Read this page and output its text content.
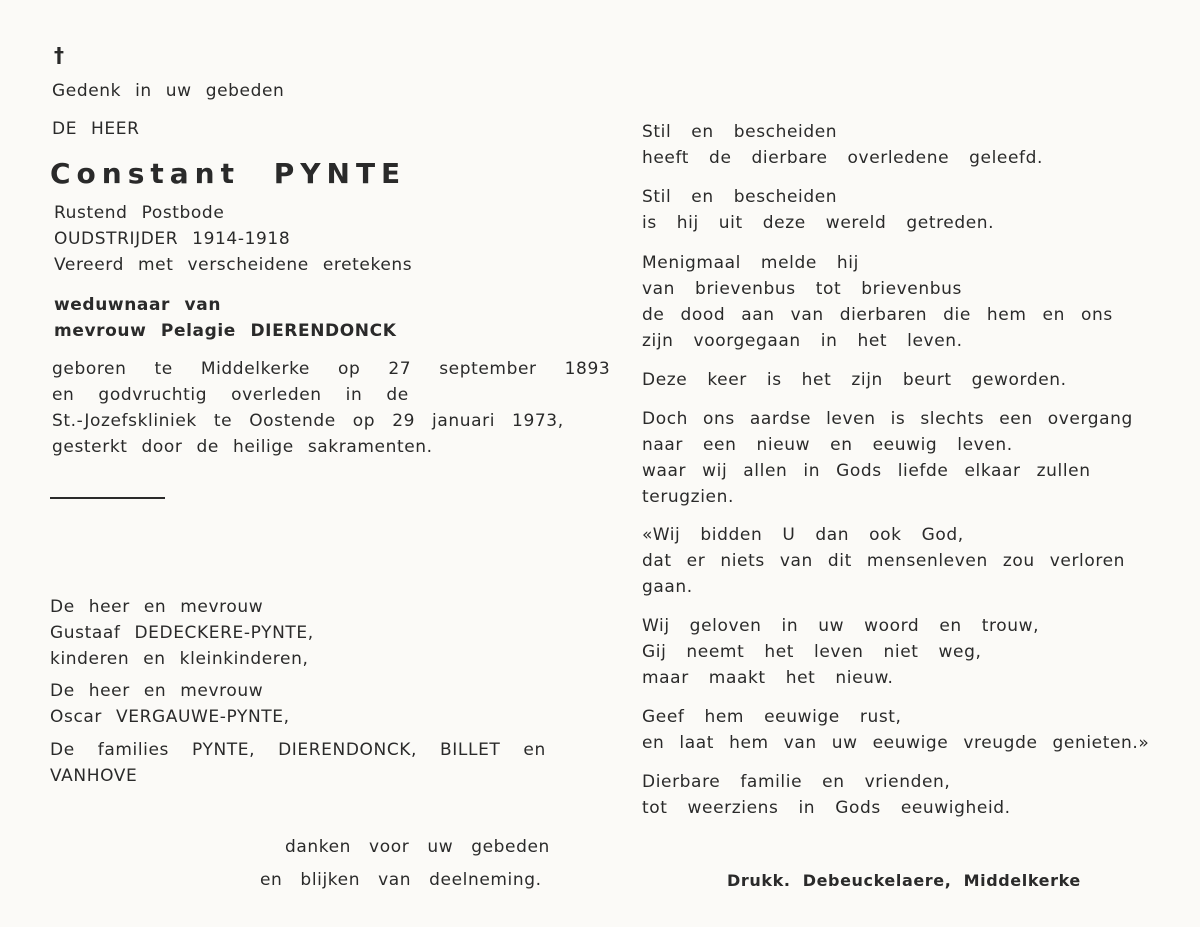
†
Gedenk in uw gebeden
DE HEER
Constant PYNTE
Rustend Postbode
OUDSTRIJDER 1914-1918
Vereerd met verscheidene eretekens
weduwnaar van
mevrouw Pelagie DIERENDONCK
geboren te Middelkerke op 27 september 1893
en godvruchtig overleden in de
St.-Jozefskliniek te Oostende op 29 januari 1973,
gesterkt door de heilige sakramenten.
De heer en mevrouw
Gustaaf DEDECKERE-PYNTE,
kinderen en kleinkinderen,
De heer en mevrouw
Oscar VERGAUWE-PYNTE,
De families PYNTE, DIERENDONCK, BILLET en
VANHOVE
danken voor uw gebeden
en blijken van deelneming.
Stil en bescheiden
heeft de dierbare overledene geleefd.
Stil en bescheiden
is hij uit deze wereld getreden.
Menigmaal melde hij
van brievenbus tot brievenbus
de dood aan van dierbaren die hem en ons
zijn voorgegaan in het leven.
Deze keer is het zijn beurt geworden.
Doch ons aardse leven is slechts een overgang
naar een nieuw en eeuwig leven.
waar wij allen in Gods liefde elkaar zullen
terugzien.
«Wij bidden U dan ook God,
dat er niets van dit mensenleven zou verloren
gaan.
Wij geloven in uw woord en trouw,
Gij neemt het leven niet weg,
maar maakt het nieuw.
Geef hem eeuwige rust,
en laat hem van uw eeuwige vreugde genieten.»
Dierbare familie en vrienden,
tot weerziens in Gods eeuwigheid.
Drukk. Debeuckelaere, Middelkerke
